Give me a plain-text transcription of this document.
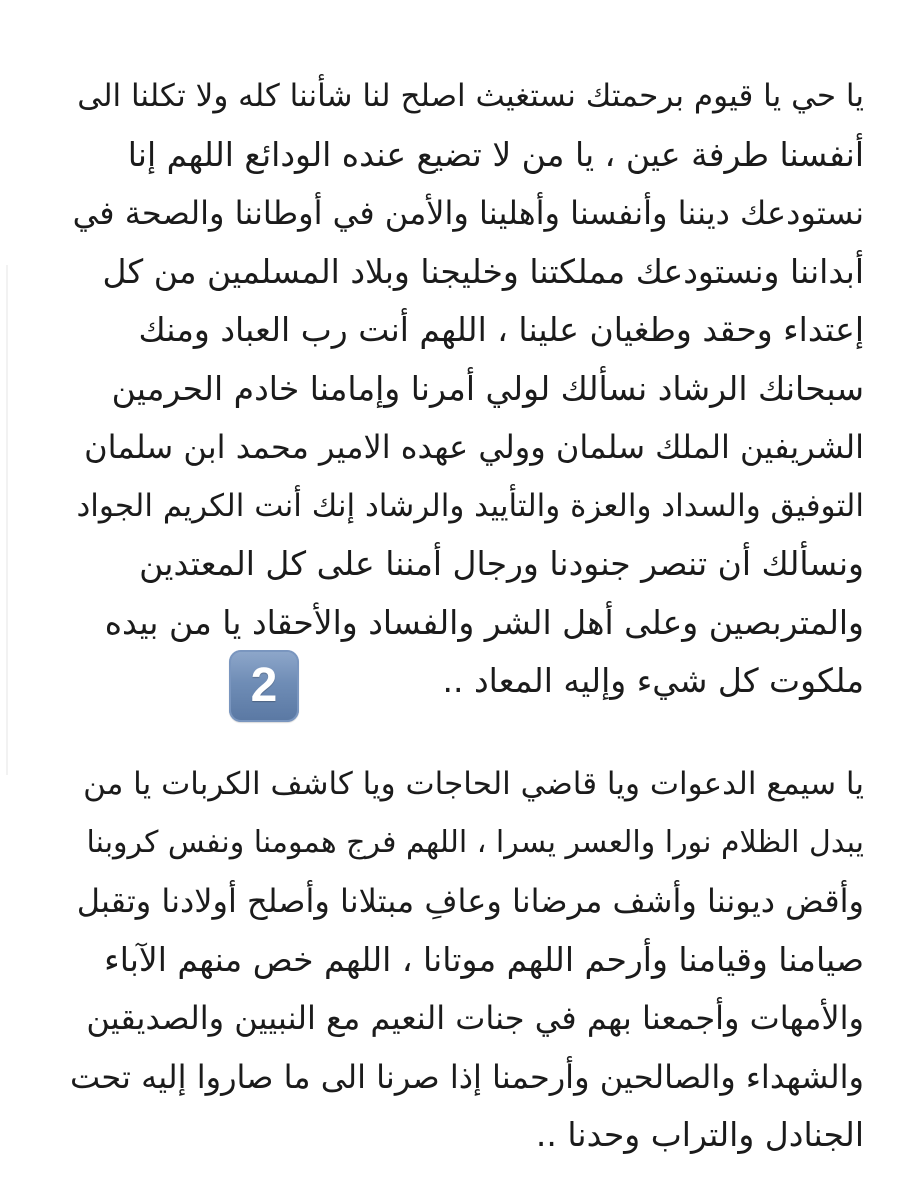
يا حي يا قيوم برحمتك نستغيث اصلح لنا شأننا كله ولا تكلنا الى
أنفسنا طرفة عين ، يا من لا تضيع عنده الودائع اللهم إنا
نستودعك ديننا وأنفسنا وأهلينا والأمن في أوطاننا والصحة في
أبداننا ونستودعك مملكتنا وخليجنا وبلاد المسلمين من كل
إعتداء وحقد وطغيان علينا ، اللهم أنت رب العباد ومنك
سبحانك الرشاد نسألك لولي أمرنا وإمامنا خادم الحرمين
الشريفين الملك سلمان وولي عهده الامير محمد ابن سلمان
التوفيق والسداد والعزة والتأييد والرشاد إنك أنت الكريم الجواد
ونسألك أن تنصر جنودنا ورجال أمننا على كل المعتدين
والمتربصين وعلى أهل الشر والفساد والأحقاد يا من بيده
ملكوت كل شيء وإليه المعاد ..
2
يا سيمع الدعوات ويا قاضي الحاجات ويا كاشف الكربات يا من
يبدل الظلام نورا والعسر يسرا ، اللهم فرج همومنا ونفس كروبنا
وأقض ديوننا وأشف مرضانا وعافِ مبتلانا وأصلح أولادنا وتقبل
صيامنا وقيامنا وأرحم اللهم موتانا ، اللهم خص منهم الآباء
والأمهات وأجمعنا بهم في جنات النعيم مع النبيين والصديقين
والشهداء والصالحين وأرحمنا إذا صرنا الى ما صاروا إليه تحت
الجنادل والتراب وحدنا ..
